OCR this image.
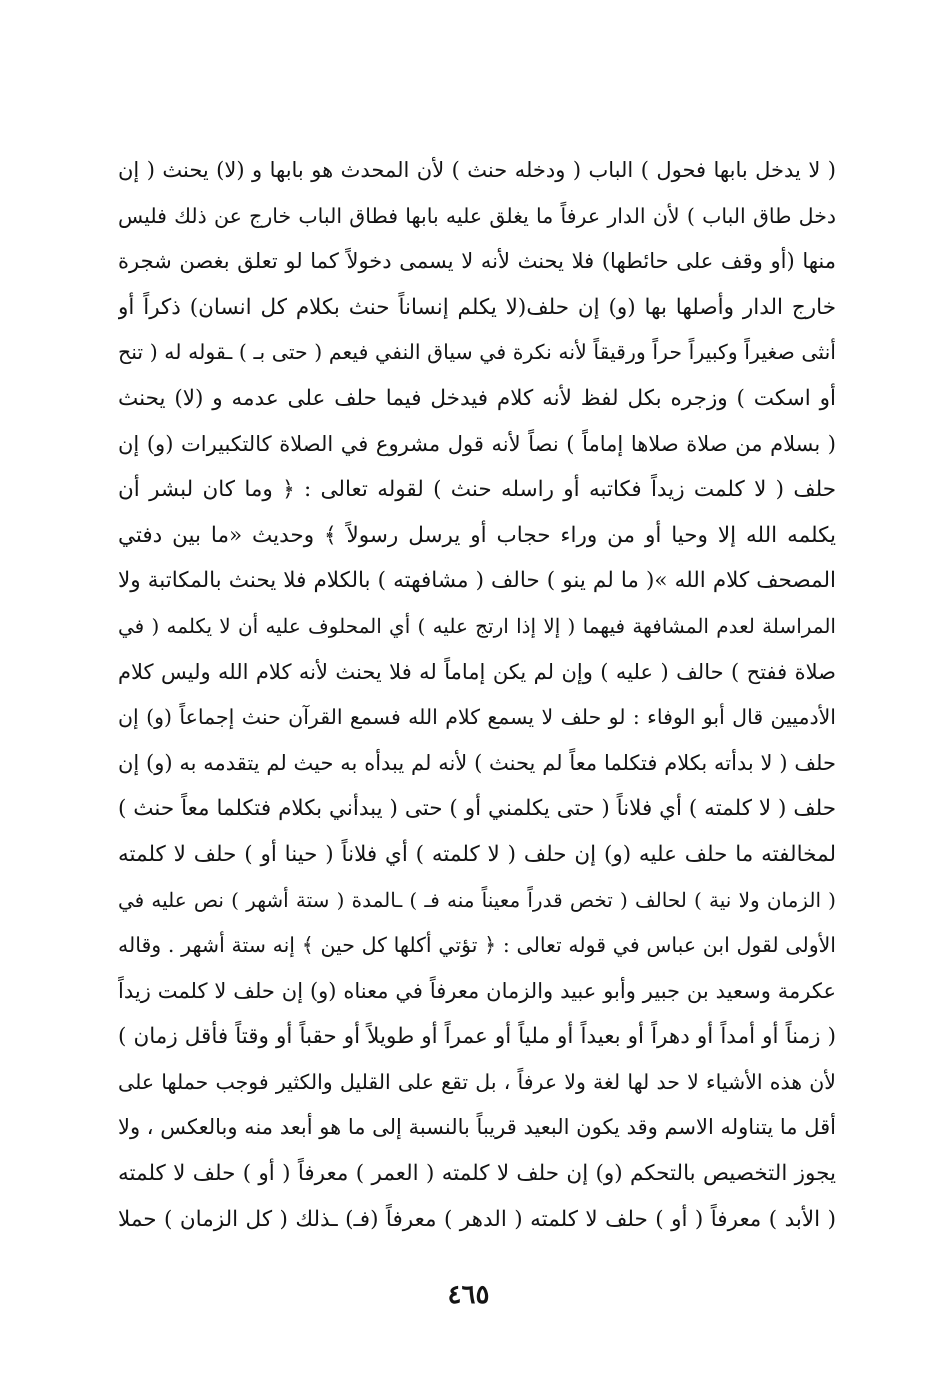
( لا يدخل بابها فحول ) الباب ( ودخله حنث ) لأن المحدث هو بابها و (لا) يحنث ( إن
دخل طاق الباب ) لأن الدار عرفاً ما يغلق عليه بابها فطاق الباب خارج عن ذلك فليس
منها (أو وقف على حائطها) فلا يحنث لأنه لا يسمى دخولاً كما لو تعلق بغصن شجرة
خارج الدار وأصلها بها (و) إن حلف(لا يكلم إنساناً حنث بكلام كل انسان) ذكراً أو
أنثى صغيراً وكبيراً حراً ورقيقاً لأنه نكرة في سياق النفي فيعم ( حتى بـ ) ـقوله له ( تنح
أو اسكت ) وزجره بكل لفظ لأنه كلام فيدخل فيما حلف على عدمه و (لا) يحنث
( بسلام من صلاة صلاها إماماً ) نصاً لأنه قول مشروع في الصلاة كالتكبيرات (و) إن
حلف ( لا كلمت زيداً فكاتبه أو راسله حنث ) لقوله تعالى : ﴿ وما كان لبشر أن
يكلمه الله إلا وحيا أو من وراء حجاب أو يرسل رسولاً ﴾ وحديث «ما بين دفتي
المصحف كلام الله »( ما لم ينو ) حالف ( مشافهته ) بالكلام فلا يحنث بالمكاتبة ولا
المراسلة لعدم المشافهة فيهما ( إلا إذا ارتج عليه ) أي المحلوف عليه أن لا يكلمه ( في
صلاة ففتح ) حالف ( عليه ) وإن لم يكن إماماً له فلا يحنث لأنه كلام الله وليس كلام
الأدميين قال أبو الوفاء : لو حلف لا يسمع كلام الله فسمع القرآن حنث إجماعاً (و) إن
حلف ( لا بدأته بكلام فتكلما معاً لم يحنث ) لأنه لم يبدأه به حيث لم يتقدمه به (و) إن
حلف ( لا كلمته ) أي فلاناً ( حتى يكلمني أو ) حتى ( يبدأني بكلام فتكلما معاً حنث )
لمخالفته ما حلف عليه (و) إن حلف ( لا كلمته ) أي فلاناً ( حينا أو ) حلف لا كلمته
( الزمان ولا نية ) لحالف ( تخص قدراً معيناً منه فـ ) ـالمدة ( ستة أشهر ) نص عليه في
الأولى لقول ابن عباس في قوله تعالى : ﴿ تؤتي أكلها كل حين ﴾ إنه ستة أشهر . وقاله
عكرمة وسعيد بن جبير وأبو عبيد والزمان معرفاً في معناه (و) إن حلف لا كلمت زيداً
( زمناً أو أمداً أو دهراً أو بعيداً أو ملياً أو عمراً أو طويلاً أو حقباً أو وقتاً فأقل زمان )
لأن هذه الأشياء لا حد لها لغة ولا عرفاً ، بل تقع على القليل والكثير فوجب حملها على
أقل ما يتناوله الاسم وقد يكون البعيد قريباً بالنسبة إلى ما هو أبعد منه وبالعكس ، ولا
يجوز التخصيص بالتحكم (و) إن حلف لا كلمته ( العمر ) معرفاً ( أو ) حلف لا كلمته
( الأبد ) معرفاً ( أو ) حلف لا كلمته ( الدهر ) معرفاً (فـ) ـذلك ( كل الزمان ) حملا
٤٦٥
